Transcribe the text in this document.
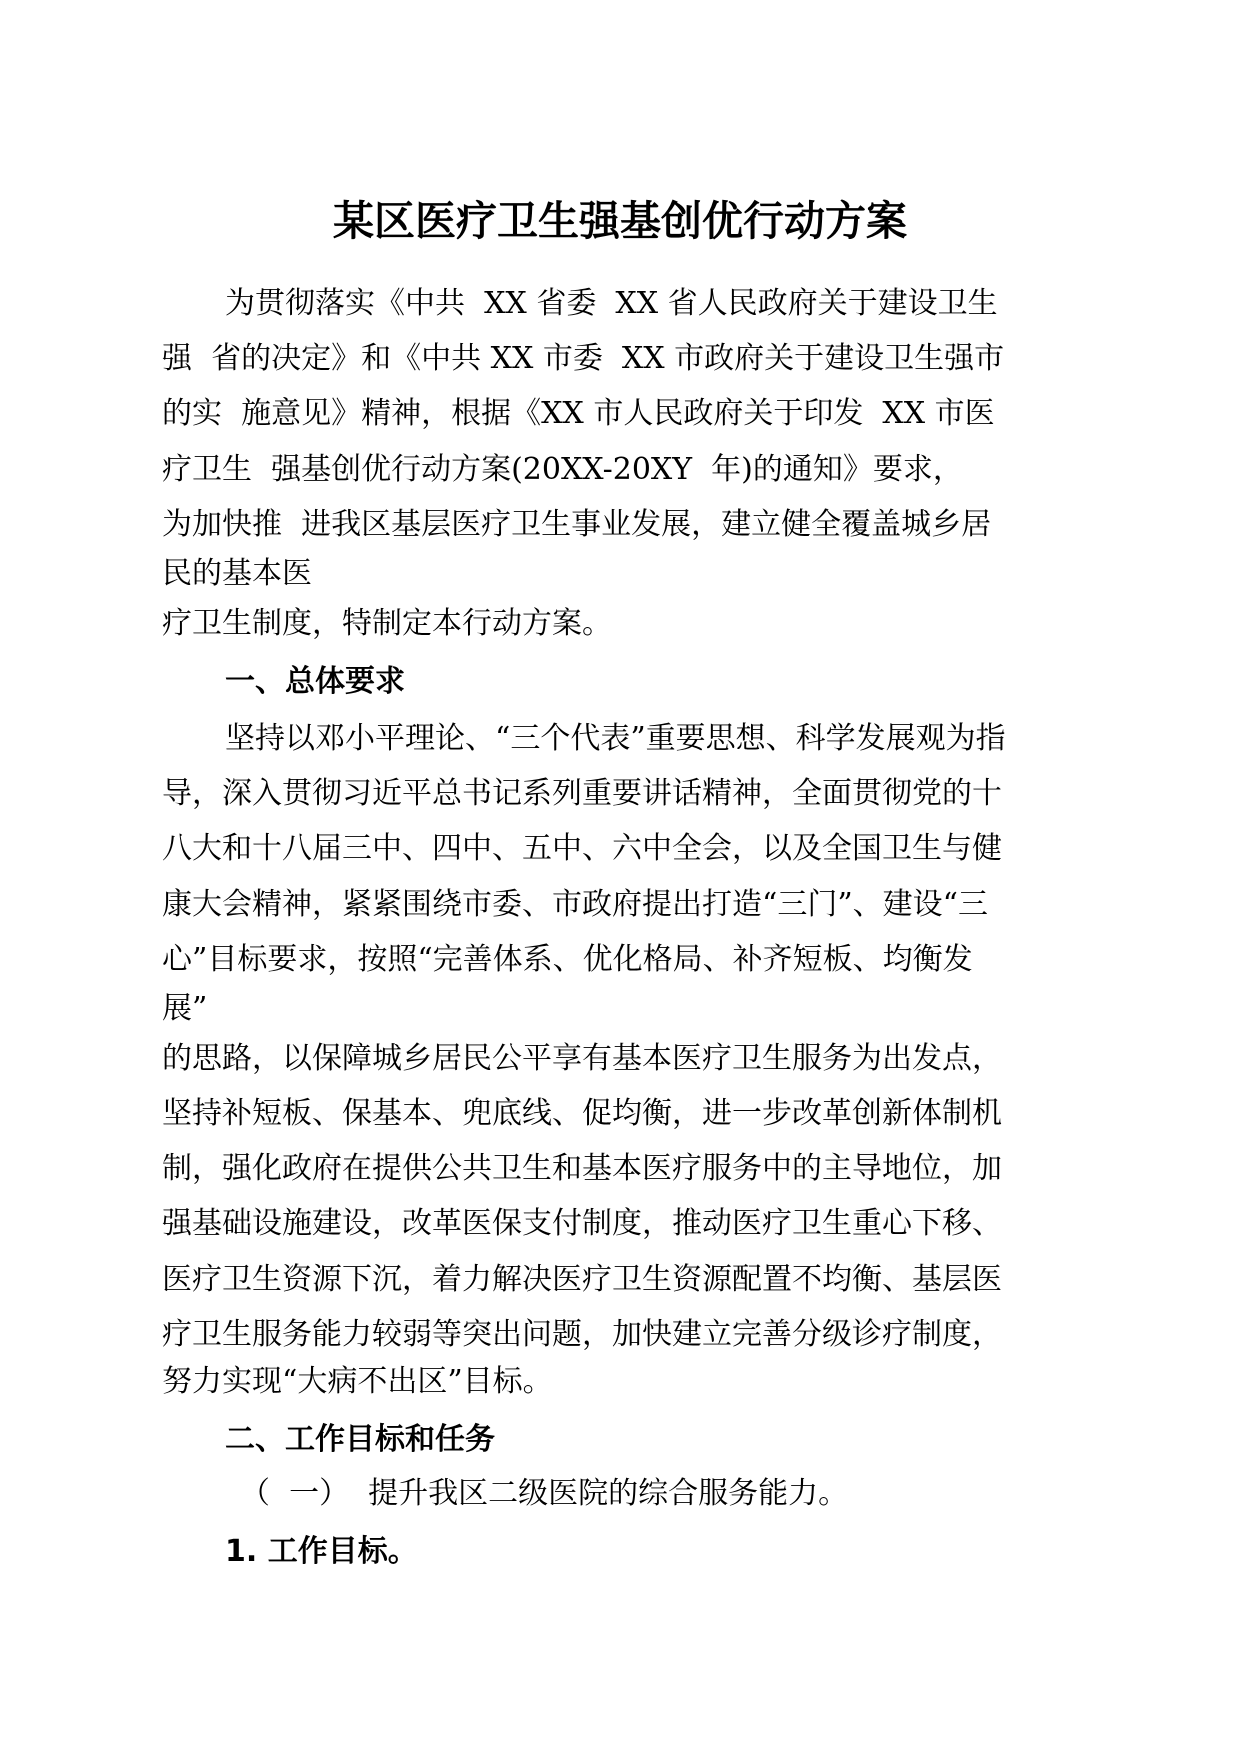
某区医疗卫生强基创优行动方案

为贯彻落实《中共  XX 省委  XX 省人民政府关于建设卫生

强  省的决定》和《中共 XX 市委  XX 市政府关于建设卫生强市

的实  施意见》精神，根据《XX 市人民政府关于印发  XX 市医

疗卫生  强基创优行动方案(20XX-20XY  年)的通知》要求，

为加快推  进我区基层医疗卫生事业发展，建立健全覆盖城乡居

民的基本医

疗卫生制度，特制定本行动方案。

一、总体要求

坚持以邓小平理论、“三个代表”重要思想、科学发展观为指

导，深入贯彻习近平总书记系列重要讲话精神，全面贯彻党的十

八大和十八届三中、四中、五中、六中全会，以及全国卫生与健

康大会精神，紧紧围绕市委、市政府提出打造“三门”、建设“三

心”目标要求，按照“完善体系、优化格局、补齐短板、均衡发

展”

的思路，以保障城乡居民公平享有基本医疗卫生服务为出发点，

坚持补短板、保基本、兜底线、促均衡，进一步改革创新体制机

制，强化政府在提供公共卫生和基本医疗服务中的主导地位，加

强基础设施建设，改革医保支付制度，推动医疗卫生重心下移、

医疗卫生资源下沉，着力解决医疗卫生资源配置不均衡、基层医

疗卫生服务能力较弱等突出问题，加快建立完善分级诊疗制度，

努力实现“大病不出区”目标。

二、工作目标和任务

（  一）  提升我区二级医院的综合服务能力。

1. 工作目标。
